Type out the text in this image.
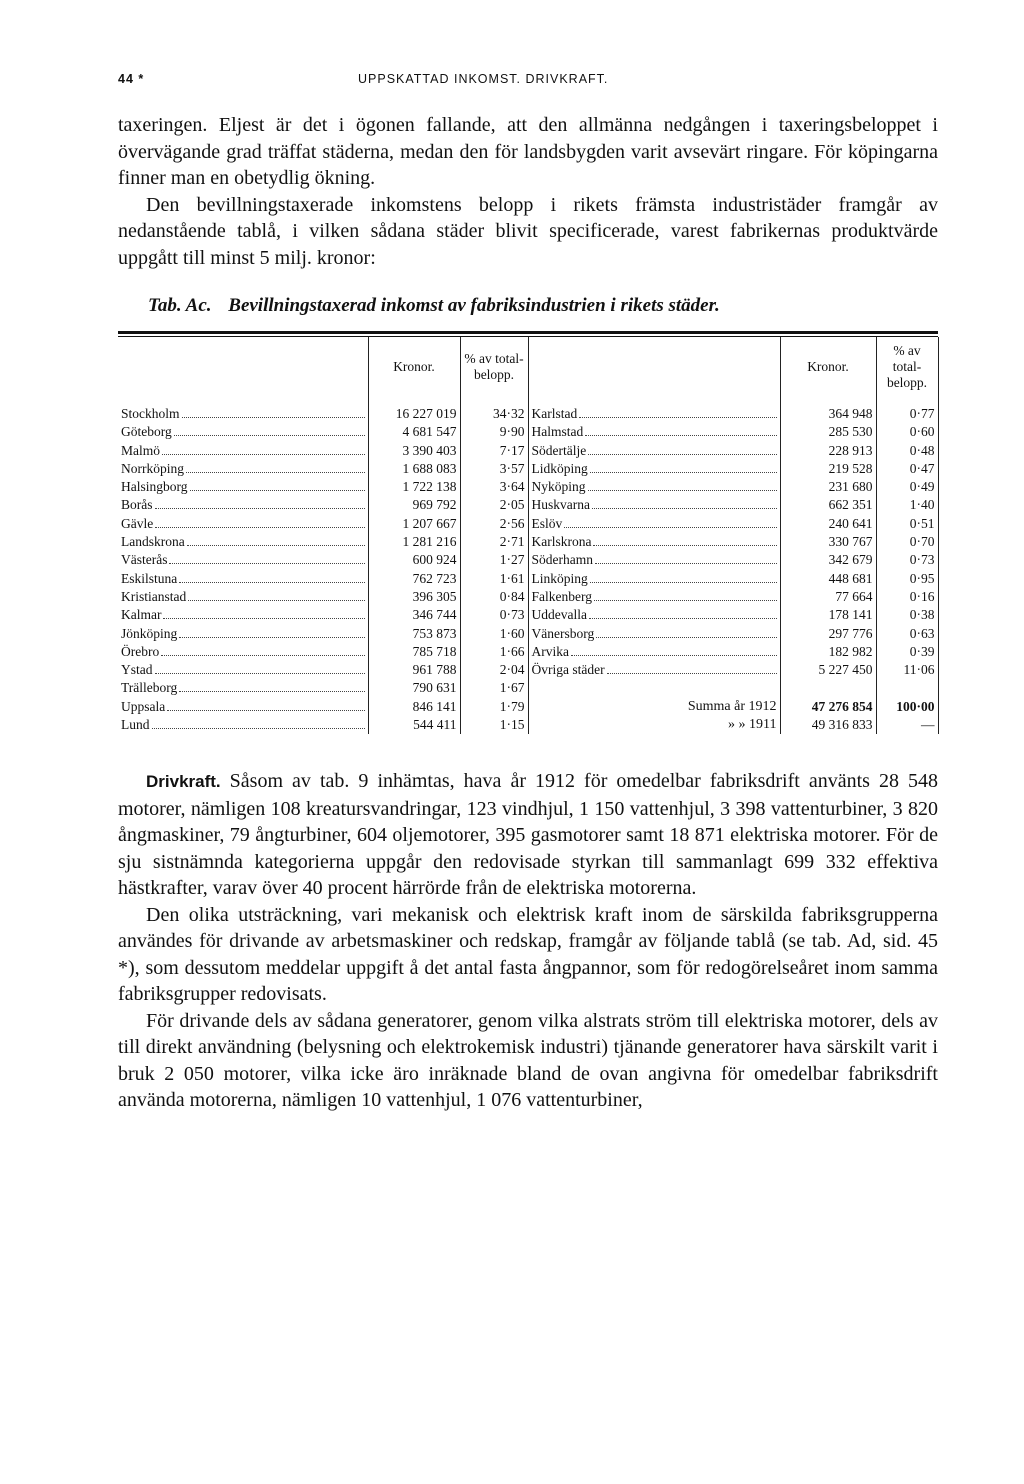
44 *	UPPSKATTAD INKOMST. DRIVKRAFT.

taxeringen. Eljest är det i ögonen fallande, att den allmänna nedgången i taxeringsbeloppet i övervägande grad träffat städerna, medan den för landsbygden varit avsevärt ringare. För köpingarna finner man en obetydlig ökning.

Den bevillningstaxerade inkomstens belopp i rikets främsta industristäder framgår av nedanstående tablå, i vilken sådana städer blivit specificerade, varest fabrikernas produktvärde uppgått till minst 5 milj. kronor:

Tab. Ac. Bevillningstaxerad inkomst av fabriksindustrien i rikets städer.
	Kronor.	% av total-belopp.		Kronor.	% av total-belopp.

Stockholm	16 227 019	34·32	Karlstad	364 948	0·77

Göteborg	4 681 547	9·90	Halmstad	285 530	0·60

Malmö	3 390 403	7·17	Södertälje	228 913	0·48

Norrköping	1 688 083	3·57	Lidköping	219 528	0·47

Halsingborg	1 722 138	3·64	Nyköping	231 680	0·49

Borås	969 792	2·05	Huskvarna	662 351	1·40

Gävle	1 207 667	2·56	Eslöv	240 641	0·51

Landskrona	1 281 216	2·71	Karlskrona	330 767	0·70

Västerås	600 924	1·27	Söderhamn	342 679	0·73

Eskilstuna	762 723	1·61	Linköping	448 681	0·95

Kristianstad	396 305	0·84	Falkenberg	77 664	0·16

Kalmar	346 744	0·73	Uddevalla	178 141	0·38

Jönköping	753 873	1·60	Vänersborg	297 776	0·63

Örebro	785 718	1·66	Arvika	182 982	0·39

Ystad	961 788	2·04	Övriga städer	5 227 450	11·06

Trälleborg	790 631	1·67			

Uppsala	846 141	1·79	Summa år 1912	47 276 854	100·00

Lund	544 411	1·15	» » 1911	49 316 833	—

Drivkraft. Såsom av tab. 9 inhämtas, hava år 1912 för omedelbar fabriksdrift använts 28 548 motorer, nämligen 108 kreatursvandringar, 123 vindhjul, 1 150 vattenhjul, 3 398 vattenturbiner, 3 820 ångmaskiner, 79 ångturbiner, 604 oljemotorer, 395 gasmotorer samt 18 871 elektriska motorer. För de sju sistnämnda kategorierna uppgår den redovisade styrkan till sammanlagt 699 332 effektiva hästkrafter, varav över 40 procent härrörde från de elektriska motorerna.

Den olika utsträckning, vari mekanisk och elektrisk kraft inom de särskilda fabriksgrupperna användes för drivande av arbetsmaskiner och redskap, framgår av följande tablå (se tab. Ad, sid. 45 *), som dessutom meddelar uppgift å det antal fasta ångpannor, som för redogörelseåret inom samma fabriksgrupper redovisats.

För drivande dels av sådana generatorer, genom vilka alstrats ström till elektriska motorer, dels av till direkt användning (belysning och elektrokemisk industri) tjänande generatorer hava särskilt varit i bruk 2 050 motorer, vilka icke äro inräknade bland de ovan angivna för omedelbar fabriksdrift använda motorerna, nämligen 10 vattenhjul, 1 076 vattenturbiner,
